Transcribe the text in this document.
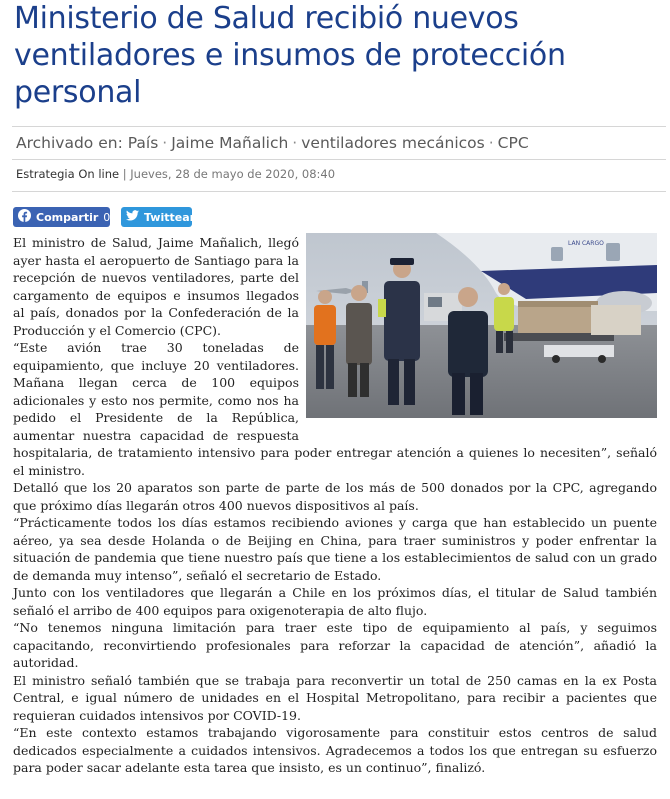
Ministerio de Salud recibió nuevos ventiladores e insumos de protección personal
Archivado en: País · Jaime Mañalich · ventiladores mecánicos · CPC
Estrategia On line | Jueves, 28 de mayo de 2020, 08:40
Compartir 0	Twittear
LAN CARGO

El ministro de Salud, Jaime Mañalich, llegó ayer hasta el aeropuerto de Santiago para la recepción de nuevos ventiladores, parte del cargamento de equipos e insumos llegados al país, donados por la Confederación de la Producción y el Comercio (CPC).

“Este avión trae 30 toneladas de equipamiento, que incluye 20 ventiladores. Mañana llegan cerca de 100 equipos adicionales y esto nos permite, como nos ha pedido el Presidente de la República, aumentar nuestra capacidad de respuesta hospitalaria, de tratamiento intensivo para poder entregar atención a quienes lo necesiten”, señaló el ministro.

Detalló que los 20 aparatos son parte de parte de los más de 500 donados por la CPC, agregando que próximo días llegarán otros 400 nuevos dispositivos al país.

“Prácticamente todos los días estamos recibiendo aviones y carga que han establecido un puente aéreo, ya sea desde Holanda o de Beijing en China, para traer suministros y poder enfrentar la situación de pandemia que tiene nuestro país que tiene a los establecimientos de salud con un grado de demanda muy intenso”, señaló el secretario de Estado.

Junto con los ventiladores que llegarán a Chile en los próximos días, el titular de Salud también señaló el arribo de 400 equipos para oxigenoterapia de alto flujo.

“No tenemos ninguna limitación para traer este tipo de equipamiento al país, y seguimos capacitando, reconvirtiendo profesionales para reforzar la capacidad de atención”, añadió la autoridad.

El ministro señaló también que se trabaja para reconvertir un total de 250 camas en la ex Posta Central, e igual número de unidades en el Hospital Metropolitano, para recibir a pacientes que requieran cuidados intensivos por COVID-19.

“En este contexto estamos trabajando vigorosamente para constituir estos centros de salud dedicados especialmente a cuidados intensivos. Agradecemos a todos los que entregan su esfuerzo para poder sacar adelante esta tarea que insisto, es un continuo”, finalizó.
